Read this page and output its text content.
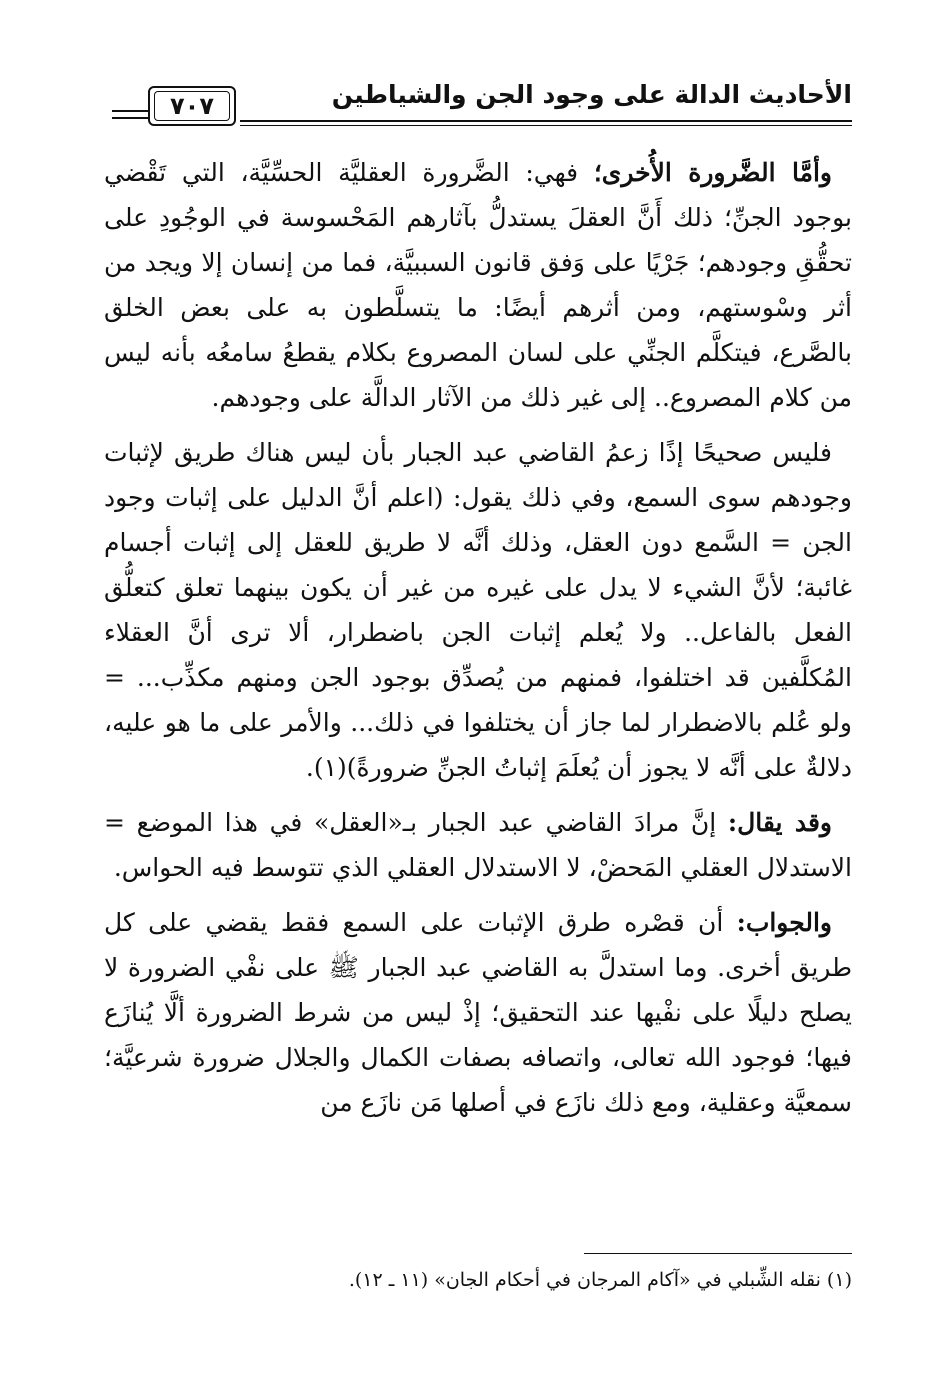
الأحاديث الدالة على وجود الجن والشياطين
٧٠٧

وأمَّا الضَّرورة الأُخرى؛ فهي: الضَّرورة العقليَّة الحسِّيَّة، التي تَقْضي بوجود الجنِّ؛ ذلك أَنَّ العقلَ يستدلُّ بآثارهم المَحْسوسة في الوجُودِ على تحقُّقِ وجودهم؛ جَرْيًا على وَفق قانون السببيَّة، فما من إنسان إلا ويجد من أثر وسْوستهم، ومن أثرهم أيضًا: ما يتسلَّطون به على بعض الخلق بالصَّرع، فيتكلَّم الجنِّي على لسان المصروع بكلام يقطعُ سامعُه بأنه ليس من كلام المصروع.. إلى غير ذلك من الآثار الدالَّة على وجودهم.

فليس صحيحًا إذًا زعمُ القاضي عبد الجبار بأن ليس هناك طريق لإثبات وجودهم سوى السمع، وفي ذلك يقول: (اعلم أنَّ الدليل على إثبات وجود الجن = السَّمع دون العقل، وذلك أنَّه لا طريق للعقل إلى إثبات أجسام غائبة؛ لأنَّ الشيء لا يدل على غيره من غير أن يكون بينهما تعلق كتعلُّق الفعل بالفاعل.. ولا يُعلم إثبات الجن باضطرار، ألا ترى أنَّ العقلاء المُكلَّفين قد اختلفوا، فمنهم من يُصدِّق بوجود الجن ومنهم مكذِّب... = ولو عُلم بالاضطرار لما جاز أن يختلفوا في ذلك... والأمر على ما هو عليه، دلالةٌ على أنَّه لا يجوز أن يُعلَمَ إثباتُ الجنِّ ضرورةً)(١).

وقد يقال: إنَّ مرادَ القاضي عبد الجبار بـ«العقل» في هذا الموضع = الاستدلال العقلي المَحضْ، لا الاستدلال العقلي الذي تتوسط فيه الحواس.

والجواب: أن قصْره طرق الإثبات على السمع فقط يقضي على كل طريق أخرى. وما استدلَّ به القاضي عبد الجبار ﷺ على نفْي الضرورة لا يصلح دليلًا على نفْيها عند التحقيق؛ إذْ ليس من شرط الضرورة ألَّا يُنازَع فيها؛ فوجود الله تعالى، واتصافه بصفات الكمال والجلال ضرورة شرعيَّة؛ سمعيَّة وعقلية، ومع ذلك نازَع في أصلها مَن نازَع من

(١) نقله الشِّبلي في «آكام المرجان في أحكام الجان» (١١ ـ ١٢).
